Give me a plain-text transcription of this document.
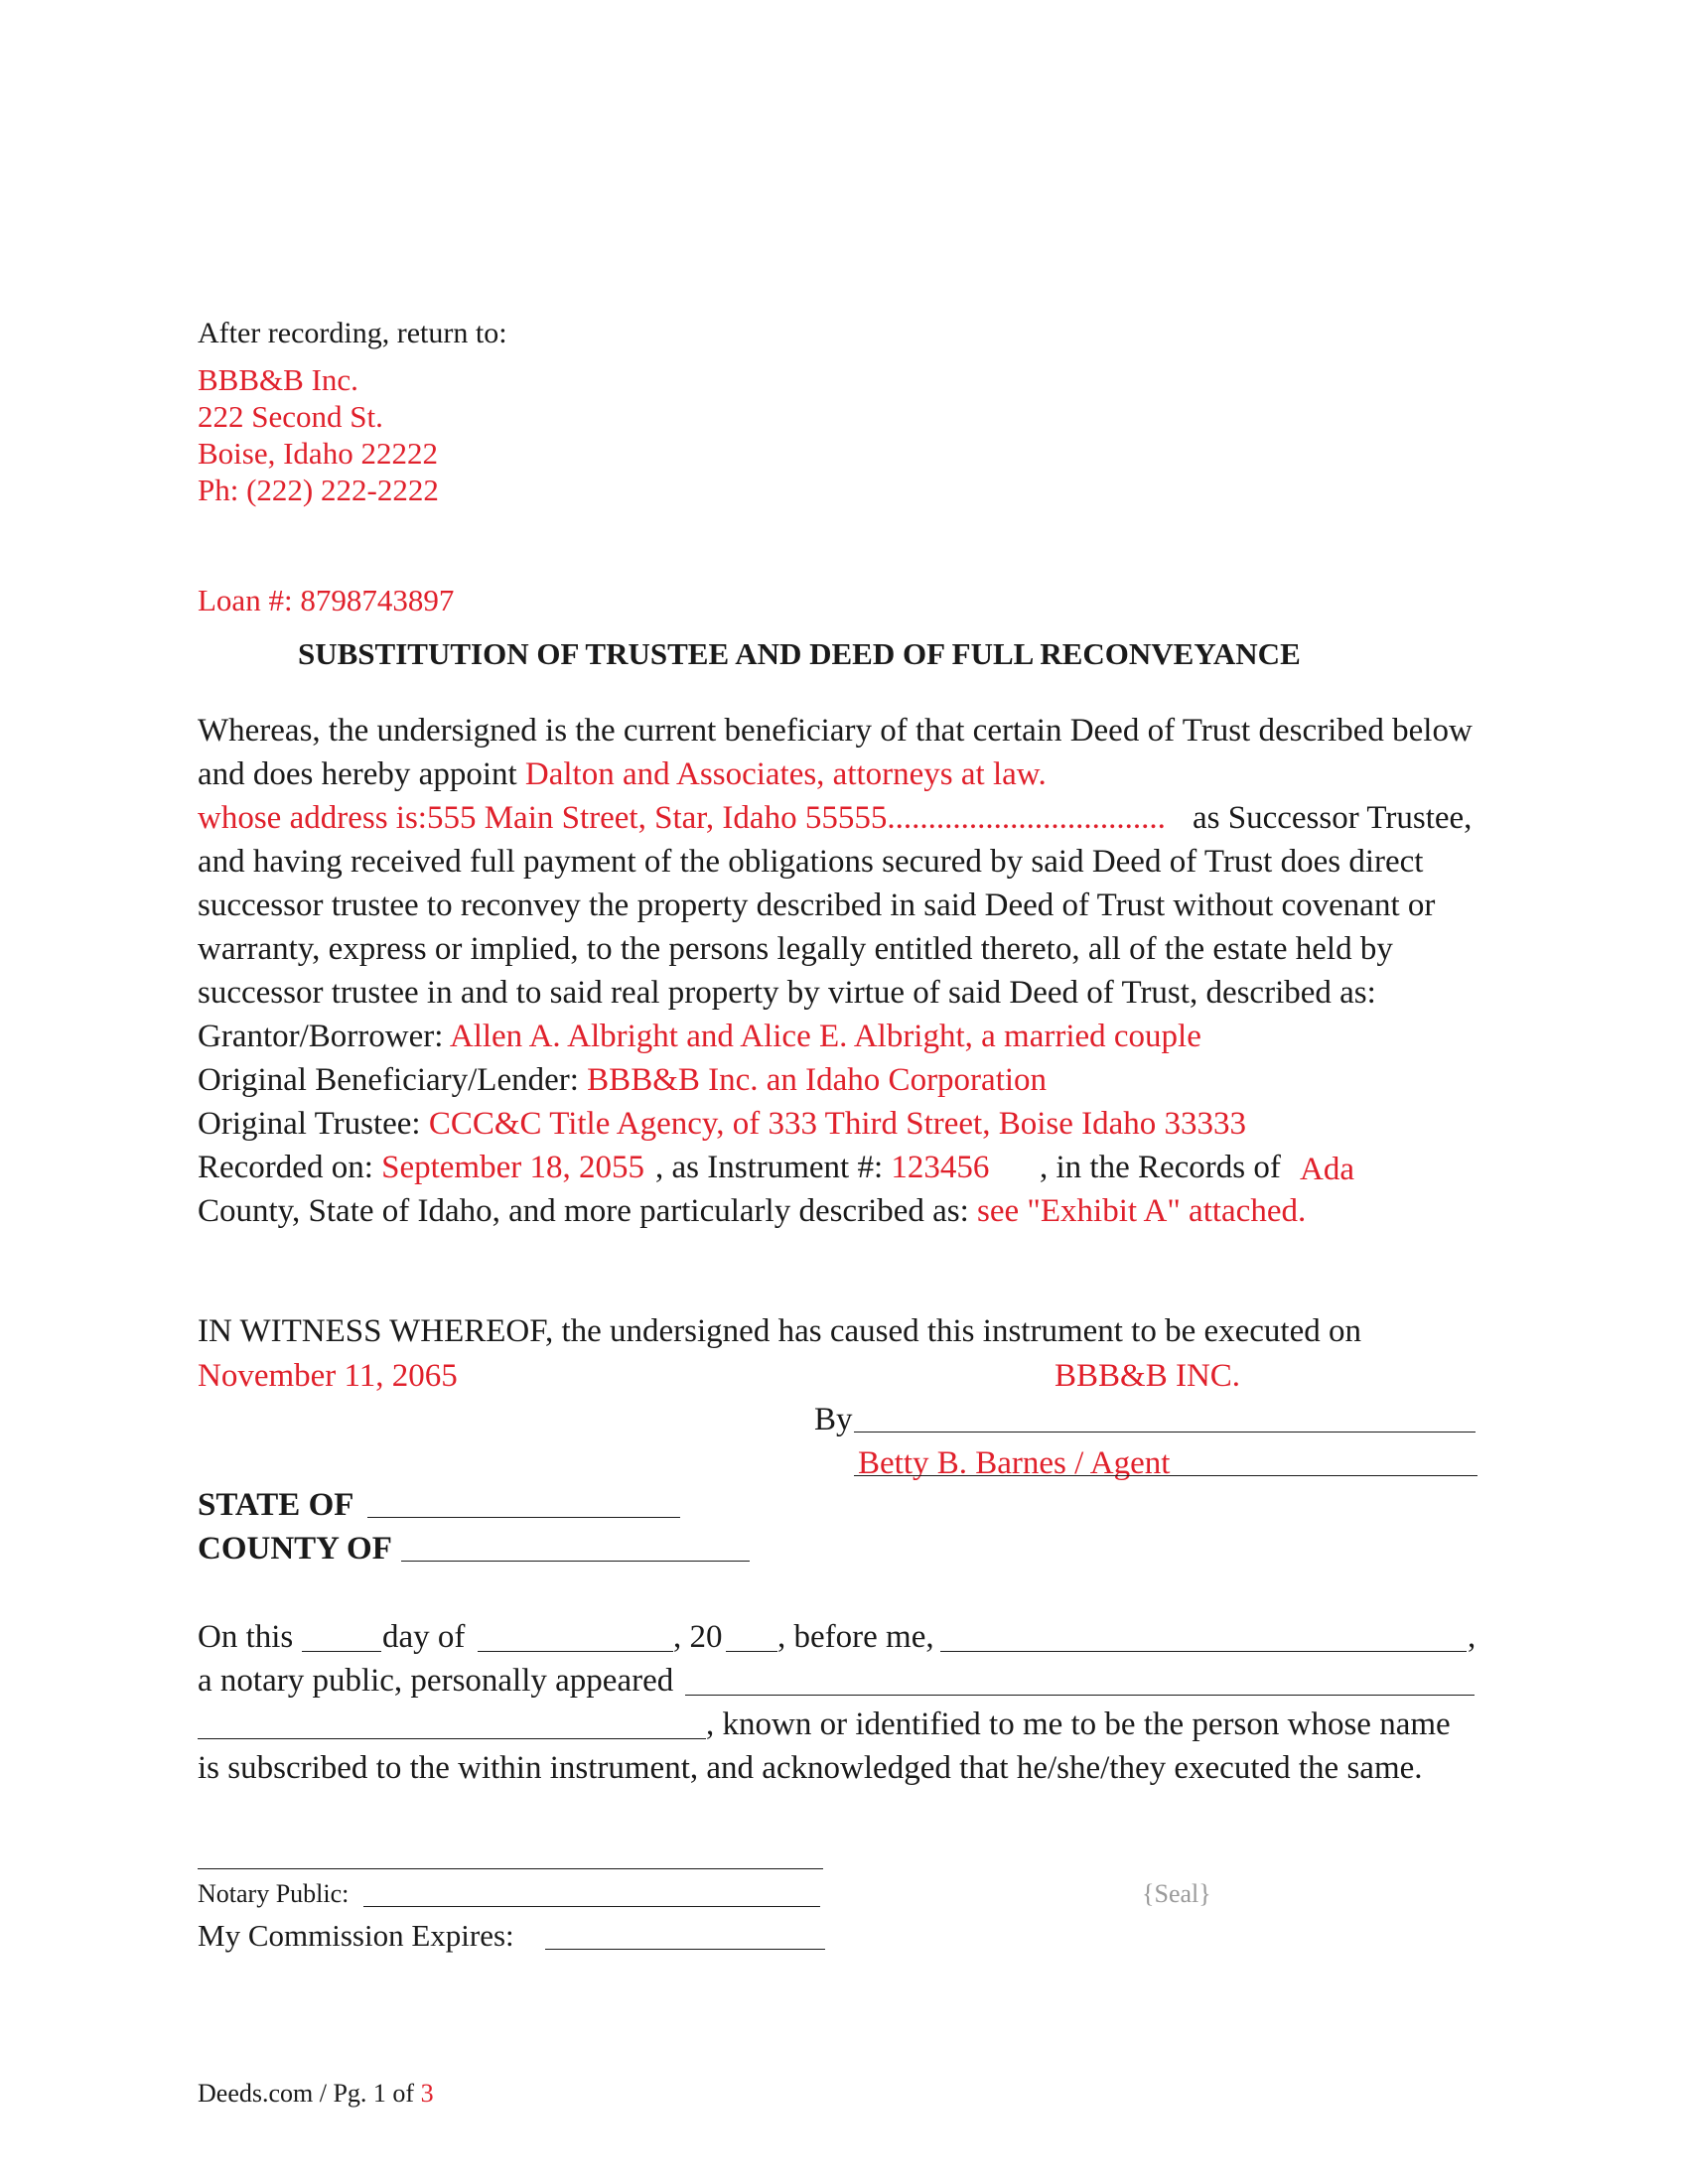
After recording, return to:
BBB&B Inc.
222 Second St.
Boise, Idaho 22222
Ph: (222) 222-2222
Loan #: 8798743897
SUBSTITUTION OF TRUSTEE AND DEED OF FULL RECONVEYANCE
Whereas, the undersigned is the current beneficiary of that certain Deed of Trust described below
and does hereby appoint Dalton and Associates, attorneys at law.
whose address is:555 Main Street, Star, Idaho 55555.................................. as Successor Trustee,
and having received full payment of the obligations secured by said Deed of Trust does direct
successor trustee to reconvey the property described in said Deed of Trust without covenant or
warranty, express or implied, to the persons legally entitled thereto, all of the estate held by
successor trustee in and to said real property by virtue of said Deed of Trust, described as:
Grantor/Borrower: Allen A. Albright and Alice E. Albright, a married couple
Original Beneficiary/Lender: BBB&B Inc. an Idaho Corporation
Original Trustee: CCC&C Title Agency, of 333 Third Street, Boise Idaho 33333
Recorded on: September 18, 2055 , as Instrument #: 123456 , in the Records of Ada
County, State of Idaho, and more particularly described as: see "Exhibit A" attached.
IN WITNESS WHEREOF, the undersigned has caused this instrument to be executed on
November 11, 2065	BBB&B INC.
By
Betty B. Barnes / Agent
STATE OF
COUNTY OF
On this	day of	, 20 , before me,	,
a notary public, personally appeared
, known or identified to me to be the person whose name
is subscribed to the within instrument, and acknowledged that he/she/they executed the same.
Notary Public:	{Seal}
My Commission Expires:
Deeds.com / Pg. 1 of 3
